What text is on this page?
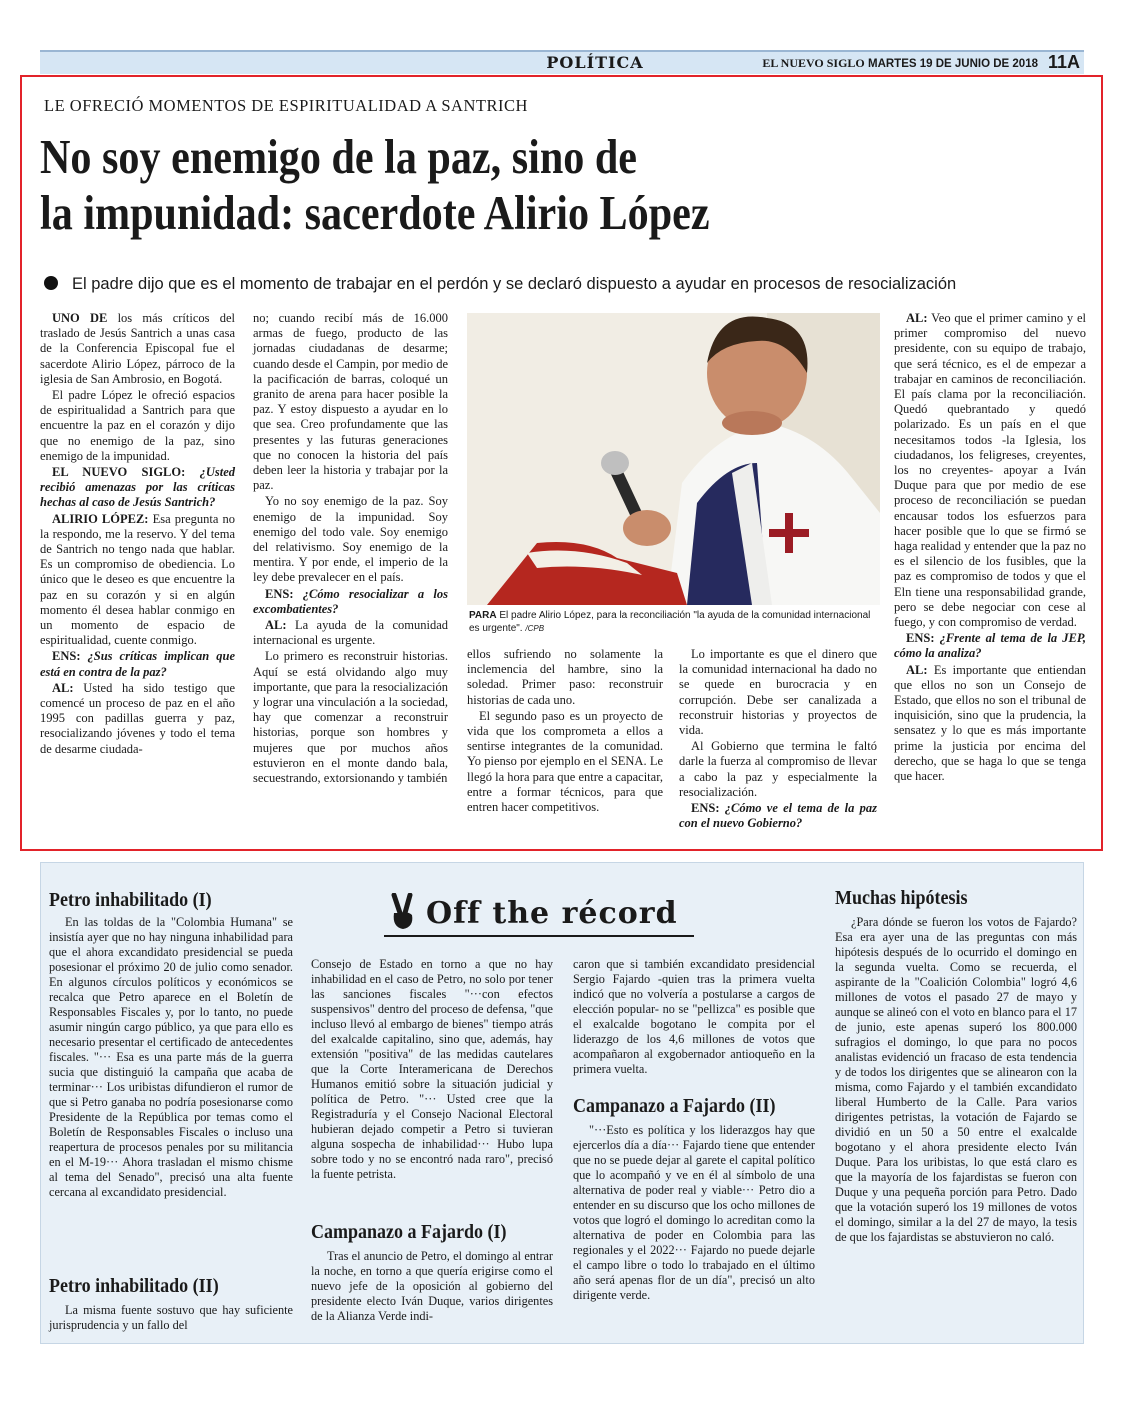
POLÍTICA	EL NUEVO SIGLO MARTES 19 DE JUNIO DE 2018 11A
LE OFRECIÓ MOMENTOS DE ESPIRITUALIDAD A SANTRICH
No soy enemigo de la paz, sino de
la impunidad: sacerdote Alirio López
El padre dijo que es el momento de trabajar en el perdón y se declaró dispuesto a ayudar en procesos de resocialización

UNO DE los más críticos del traslado de Jesús Santrich a unas casa de la Conferencia Episcopal fue el sacerdote Alirio López, párroco de la iglesia de San Ambrosio, en Bogotá.

El padre López le ofreció espacios de espiritualidad a Santrich para que encuentre la paz en el corazón y dijo que no enemigo de la paz, sino enemigo de la impunidad.

EL NUEVO SIGLO: ¿Usted recibió amenazas por las críticas hechas al caso de Jesús Santrich?

ALIRIO LÓPEZ: Esa pregunta no la respondo, me la reservo. Y del tema de Santrich no tengo nada que hablar. Es un compromiso de obediencia. Lo único que le deseo es que encuentre la paz en su corazón y si en algún momento él desea hablar conmigo en un momento de espacio de espiritualidad, cuente conmigo.

ENS: ¿Sus críticas implican que está en contra de la paz?

AL: Usted ha sido testigo que comencé un proceso de paz en el año 1995 con padillas guerra y paz, resocializando jóvenes y todo el tema de desarme ciudada-

no; cuando recibí más de 16.000 armas de fuego, producto de las jornadas ciudadanas de desarme; cuando desde el Campin, por medio de la pacificación de barras, coloqué un granito de arena para hacer posible la paz. Y estoy dispuesto a ayudar en lo que sea. Creo profundamente que las presentes y las futuras generaciones que no conocen la historia del país deben leer la historia y trabajar por la paz.

Yo no soy enemigo de la paz. Soy enemigo de la impunidad. Soy enemigo del todo vale. Soy enemigo del relativismo. Soy enemigo de la mentira. Y por ende, el imperio de la ley debe prevalecer en el país.

ENS: ¿Cómo resocializar a los excombatientes?

AL: La ayuda de la comunidad internacional es urgente.

Lo primero es reconstruir historias. Aquí se está olvidando algo muy importante, que para la resocialización y lograr una vinculación a la sociedad, hay que comenzar a reconstruir historias, porque son hombres y mujeres que por muchos años estuvieron en el monte dando bala, secuestrando, extorsionando y también

PARA El padre Alirio López, para la reconciliación "la ayuda de la comunidad internacional es urgente". /CPB

ellos sufriendo no solamente la inclemencia del hambre, sino la soledad. Primer paso: reconstruir historias de cada uno.

El segundo paso es un proyecto de vida que los comprometa a ellos a sentirse integrantes de la comunidad. Yo pienso por ejemplo en el SENA. Le llegó la hora para que entre a capacitar, entre a formar técnicos, para que entren hacer competitivos.

Lo importante es que el dinero que la comunidad internacional ha dado no se quede en burocracia y en corrupción. Debe ser canalizada a reconstruir historias y proyectos de vida.

Al Gobierno que termina le faltó darle la fuerza al compromiso de llevar a cabo la paz y especialmente la resocialización.

ENS: ¿Cómo ve el tema de la paz con el nuevo Gobierno?

AL: Veo que el primer camino y el primer compromiso del nuevo presidente, con su equipo de trabajo, que será técnico, es el de empezar a trabajar en caminos de reconciliación. El país clama por la reconciliación. Quedó quebrantado y quedó polarizado. Es un país en el que necesitamos todos -la Iglesia, los ciudadanos, los feligreses, creyentes, los no creyentes- apoyar a Iván Duque para que por medio de ese proceso de reconciliación se puedan encausar todos los esfuerzos para hacer posible que lo que se firmó se haga realidad y entender que la paz no es el silencio de los fusibles, que la paz es compromiso de todos y que el Eln tiene una responsabilidad grande, pero se debe negociar con cese al fuego, y con compromiso de verdad.

ENS: ¿Frente al tema de la JEP, cómo la analiza?

AL: Es importante que entiendan que ellos no son un Consejo de Estado, que ellos no son el tribunal de inquisición, sino que la prudencia, la sensatez y lo que es más importante prime la justicia por encima del derecho, que se haga lo que se tenga que hacer.

Off the récord
Petro inhabilitado (I)

En las toldas de la "Colombia Humana" se insistía ayer que no hay ninguna inhabilidad para que el ahora excandidato presidencial se pueda posesionar el próximo 20 de julio como senador. En algunos círculos políticos y económicos se recalca que Petro aparece en el Boletín de Responsables Fiscales y, por lo tanto, no puede asumir ningún cargo público, ya que para ello es necesario presentar el certificado de antecedentes fiscales. "··· Esa es una parte más de la guerra sucia que distinguió la campaña que acaba de terminar··· Los uribistas difundieron el rumor de que si Petro ganaba no podría posesionarse como Presidente de la República por temas como el Boletín de Responsables Fiscales o incluso una reapertura de procesos penales por su militancia en el M-19··· Ahora trasladan el mismo chisme al tema del Senado", precisó una alta fuente cercana al excandidato presidencial.

Petro inhabilitado (II)

La misma fuente sostuvo que hay suficiente jurisprudencia y un fallo del

Consejo de Estado en torno a que no hay inhabilidad en el caso de Petro, no solo por tener las sanciones fiscales "···con efectos suspensivos" dentro del proceso de defensa, "que incluso llevó al embargo de bienes" tiempo atrás del exalcalde capitalino, sino que, además, hay extensión "positiva" de las medidas cautelares que la Corte Interamericana de Derechos Humanos emitió sobre la situación judicial y política de Petro. "··· Usted cree que la Registraduría y el Consejo Nacional Electoral hubieran dejado competir a Petro si tuvieran alguna sospecha de inhabilidad··· Hubo lupa sobre todo y no se encontró nada raro", precisó la fuente petrista.

Campanazo a Fajardo (I)

Tras el anuncio de Petro, el domingo al entrar la noche, en torno a que quería erigirse como el nuevo jefe de la oposición al gobierno del presidente electo Iván Duque, varios dirigentes de la Alianza Verde indi-

caron que si también excandidato presidencial Sergio Fajardo -quien tras la primera vuelta indicó que no volvería a postularse a cargos de elección popular- no se "pellizca" es posible que el exalcalde bogotano le compita por el liderazgo de los 4,6 millones de votos que acompañaron al exgobernador antioqueño en la primera vuelta.

Campanazo a Fajardo (II)

"···Esto es política y los liderazgos hay que ejercerlos día a día··· Fajardo tiene que entender que no se puede dejar al garete el capital político que lo acompañó y ve en él al símbolo de una alternativa de poder real y viable··· Petro dio a entender en su discurso que los ocho millones de votos que logró el domingo lo acreditan como la alternativa de poder en Colombia para las regionales y el 2022··· Fajardo no puede dejarle el campo libre o todo lo trabajado en el último año será apenas flor de un día", precisó un alto dirigente verde.

Muchas hipótesis

¿Para dónde se fueron los votos de Fajardo? Esa era ayer una de las preguntas con más hipótesis después de lo ocurrido el domingo en la segunda vuelta. Como se recuerda, el aspirante de la "Coalición Colombia" logró 4,6 millones de votos el pasado 27 de mayo y aunque se alineó con el voto en blanco para el 17 de junio, este apenas superó los 800.000 sufragios el domingo, lo que para no pocos analistas evidenció un fracaso de esta tendencia y de todos los dirigentes que se alinearon con la misma, como Fajardo y el también excandidato liberal Humberto de la Calle. Para varios dirigentes petristas, la votación de Fajardo se dividió en un 50 a 50 entre el exalcalde bogotano y el ahora presidente electo Iván Duque. Para los uribistas, lo que está claro es que la mayoría de los fajardistas se fueron con Duque y una pequeña porción para Petro. Dado que la votación superó los 19 millones de votos el domingo, similar a la del 27 de mayo, la tesis de que los fajardistas se abstuvieron no caló.
